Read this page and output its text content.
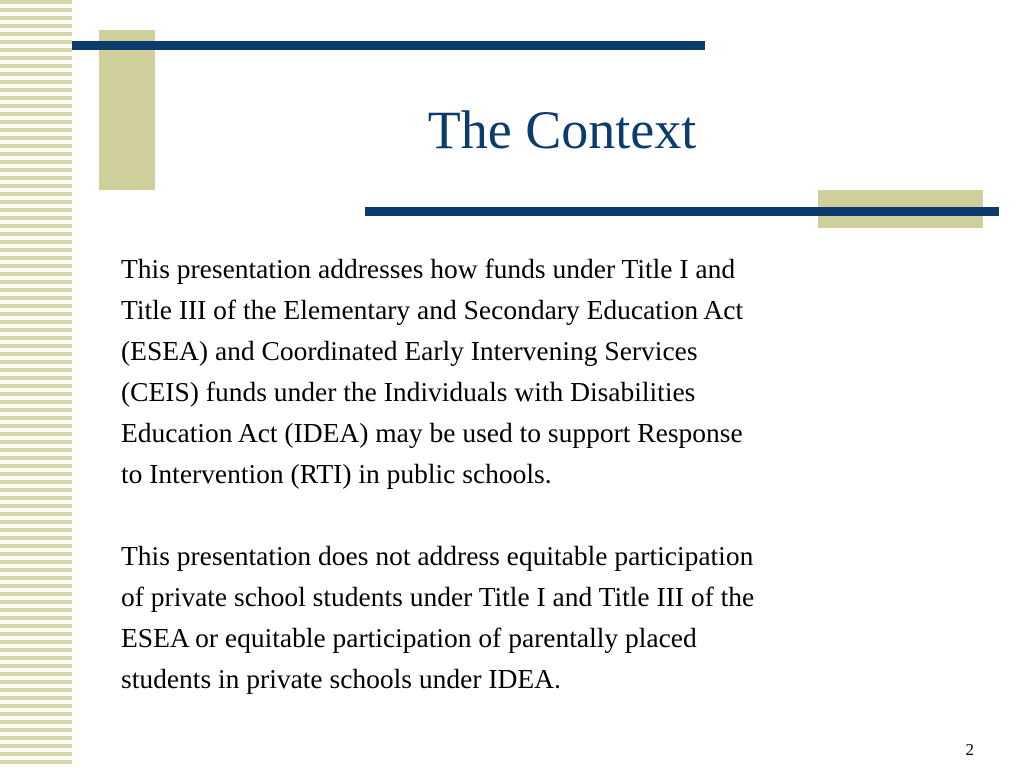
The Context

This presentation addresses how funds under Title I and
Title III of the Elementary and Secondary Education Act
(ESEA) and Coordinated Early Intervening Services
(CEIS) funds under the Individuals with Disabilities
Education Act (IDEA) may be used to support Response
to Intervention (RTI) in public schools.

This presentation does not address equitable participation
of private school students under Title I and Title III of the
ESEA or equitable participation of parentally placed
students in private schools under IDEA.

2
